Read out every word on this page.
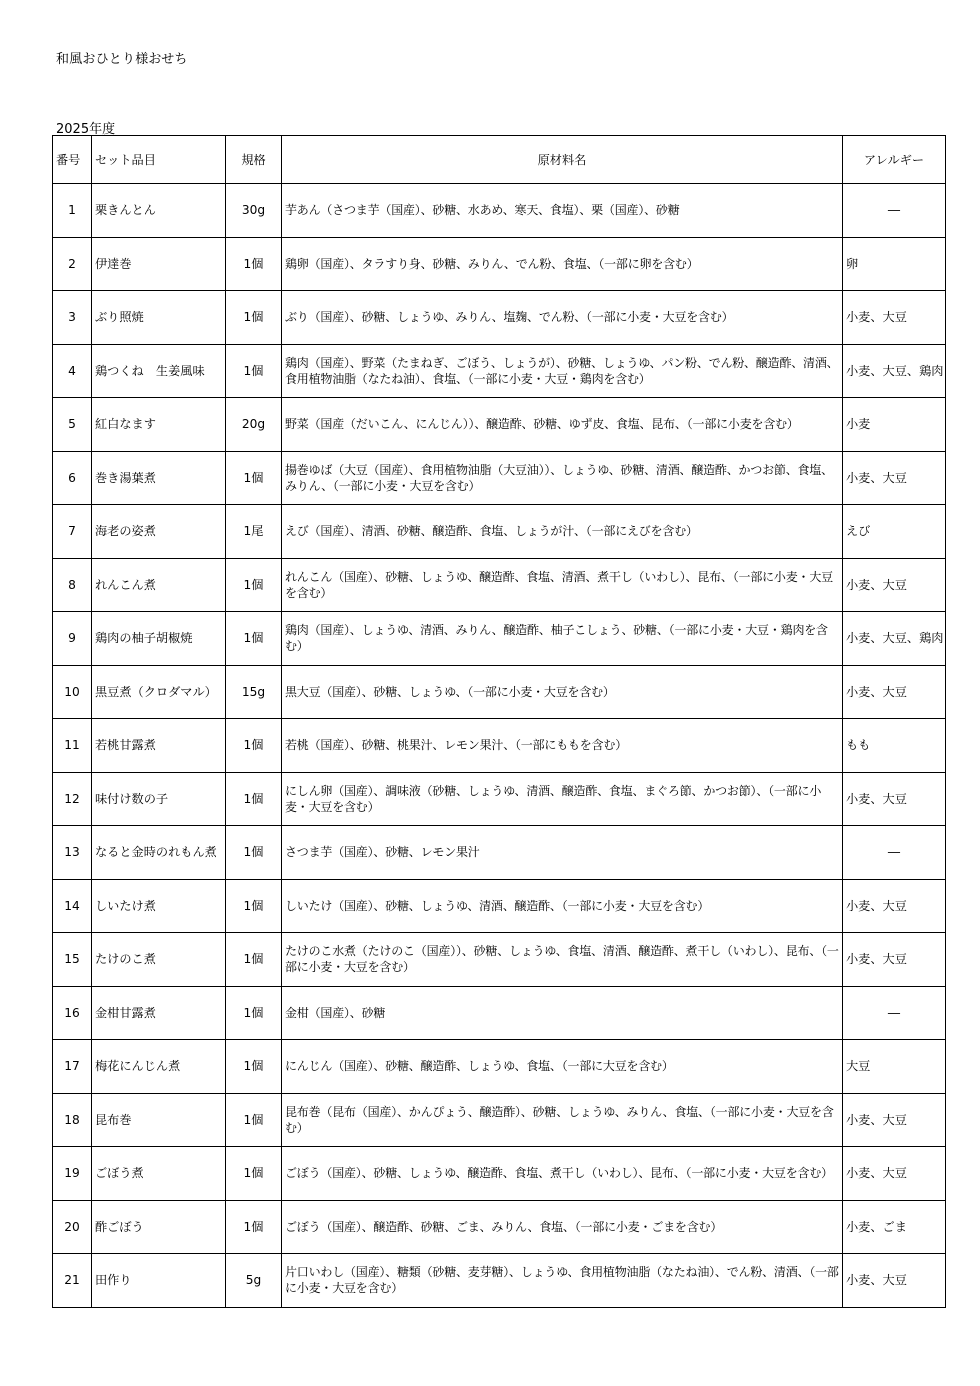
和風おひとり様おせち
2025年度
番号	セット品目	規格	原材料名	アレルギー
1	栗きんとん	30g	芋あん（さつま芋（国産）、砂糖、水あめ、寒天、食塩）、栗（国産）、砂糖	―
2	伊達巻	1個	鶏卵（国産）、タラすり身、砂糖、みりん、でん粉、食塩、（一部に卵を含む）	卵
3	ぶり照焼	1個	ぶり（国産）、砂糖、しょうゆ、みりん、塩麹、でん粉、（一部に小麦・大豆を含む）	小麦、大豆
4	鶏つくね　生姜風味	1個	鶏肉（国産）、野菜（たまねぎ、ごぼう、しょうが）、砂糖、しょうゆ、パン粉、でん粉、醸造酢、清酒、食用植物油脂（なたね油）、食塩、（一部に小麦・大豆・鶏肉を含む）	小麦、大豆、鶏肉
5	紅白なます	20g	野菜（国産（だいこん、にんじん））、醸造酢、砂糖、ゆず皮、食塩、昆布、（一部に小麦を含む）	小麦
6	巻き湯葉煮	1個	揚巻ゆば（大豆（国産）、食用植物油脂（大豆油））、しょうゆ、砂糖、清酒、醸造酢、かつお節、食塩、みりん、（一部に小麦・大豆を含む）	小麦、大豆
7	海老の姿煮	1尾	えび（国産）、清酒、砂糖、醸造酢、食塩、しょうが汁、（一部にえびを含む）	えび
8	れんこん煮	1個	れんこん（国産）、砂糖、しょうゆ、醸造酢、食塩、清酒、煮干し（いわし）、昆布、（一部に小麦・大豆を含む）	小麦、大豆
9	鶏肉の柚子胡椒焼	1個	鶏肉（国産）、しょうゆ、清酒、みりん、醸造酢、柚子こしょう、砂糖、（一部に小麦・大豆・鶏肉を含む）	小麦、大豆、鶏肉
10	黒豆煮（クロダマル）	15g	黒大豆（国産）、砂糖、しょうゆ、（一部に小麦・大豆を含む）	小麦、大豆
11	若桃甘露煮	1個	若桃（国産）、砂糖、桃果汁、レモン果汁、（一部にももを含む）	もも
12	味付け数の子	1個	にしん卵（国産）、調味液（砂糖、しょうゆ、清酒、醸造酢、食塩、まぐろ節、かつお節）、（一部に小麦・大豆を含む）	小麦、大豆
13	なると金時のれもん煮	1個	さつま芋（国産）、砂糖、レモン果汁	―
14	しいたけ煮	1個	しいたけ（国産）、砂糖、しょうゆ、清酒、醸造酢、（一部に小麦・大豆を含む）	小麦、大豆
15	たけのこ煮	1個	たけのこ水煮（たけのこ（国産））、砂糖、しょうゆ、食塩、清酒、醸造酢、煮干し（いわし）、昆布、（一部に小麦・大豆を含む）	小麦、大豆
16	金柑甘露煮	1個	金柑（国産）、砂糖	―
17	梅花にんじん煮	1個	にんじん（国産）、砂糖、醸造酢、しょうゆ、食塩、（一部に大豆を含む）	大豆
18	昆布巻	1個	昆布巻（昆布（国産）、かんぴょう、醸造酢）、砂糖、しょうゆ、みりん、食塩、（一部に小麦・大豆を含む）	小麦、大豆
19	ごぼう煮	1個	ごぼう（国産）、砂糖、しょうゆ、醸造酢、食塩、煮干し（いわし）、昆布、（一部に小麦・大豆を含む）	小麦、大豆
20	酢ごぼう	1個	ごぼう（国産）、醸造酢、砂糖、ごま、みりん、食塩、（一部に小麦・ごまを含む）	小麦、ごま
21	田作り	5g	片口いわし（国産）、糖類（砂糖、麦芽糖）、しょうゆ、食用植物油脂（なたね油）、でん粉、清酒、（一部に小麦・大豆を含む）	小麦、大豆
